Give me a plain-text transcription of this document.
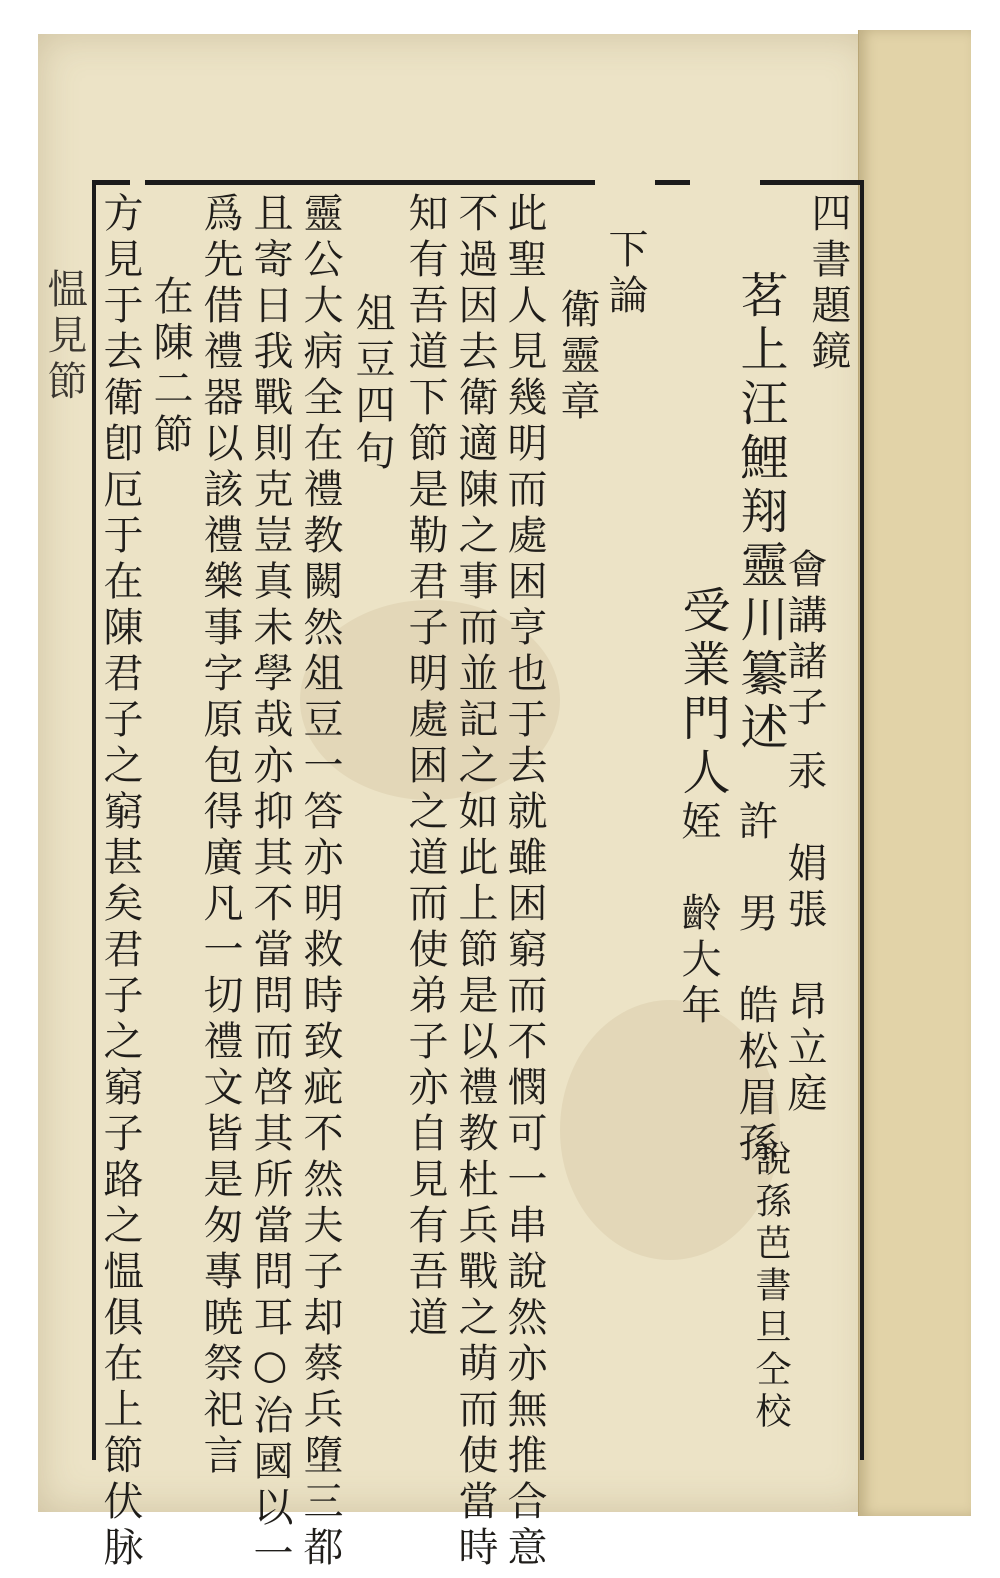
四書題鏡
茗上汪鯉翔靈川纂述
會講諸子
汞　娟張　昂立庭
受業門人
許　男　皓松眉孫
姪　齡大年
說孫芭書旦仝校
下論
衛靈章
此聖人見幾明而處困亨也于去就雖困窮而不憫可一串說然亦無推合意
不過因去衛適陳之事而並記之如此上節是以禮教杜兵戰之萌而使當時
知有吾道下節是勒君子明處困之道而使弟子亦自見有吾道
俎豆四句
靈公大病全在禮教闕然俎豆一答亦明救時致疵不然夫子却蔡兵墮三都
且寄日我戰則克豈真未學哉亦抑其不當問而啓其所當問耳○治國以一
爲先借禮器以該禮樂事字原包得廣凡一切禮文皆是匆專暁祭祀言
在陳二節
方見于去衛卽厄于在陳君子之窮甚矣君子之窮子路之愠俱在上節伏脉
愠見節
